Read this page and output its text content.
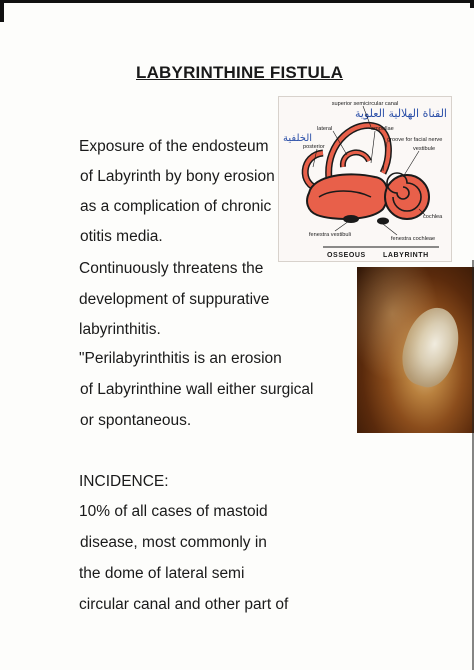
LABYRINTHINE FISTULA
Exposure of the endosteum
of Labyrinth by bony erosion
as a complication of chronic
otitis media.
Continuously threatens the
development of suppurative
labyrinthitis.
"Perilabyrinthitis is an erosion
of Labyrinthine wall either surgical
or spontaneous.
INCIDENCE:
10% of all cases of mastoid
disease, most commonly in
the dome of lateral semi
circular canal and other part of
القناة الهلالية العلوية
الخلفية
superior semicircular canal
lateral	ampullae
posterior
groove for facial nerve
vestibule
cochlea
fenestra vestibuli
fenestra cochleae
OSSEOUS LABYRINTH
